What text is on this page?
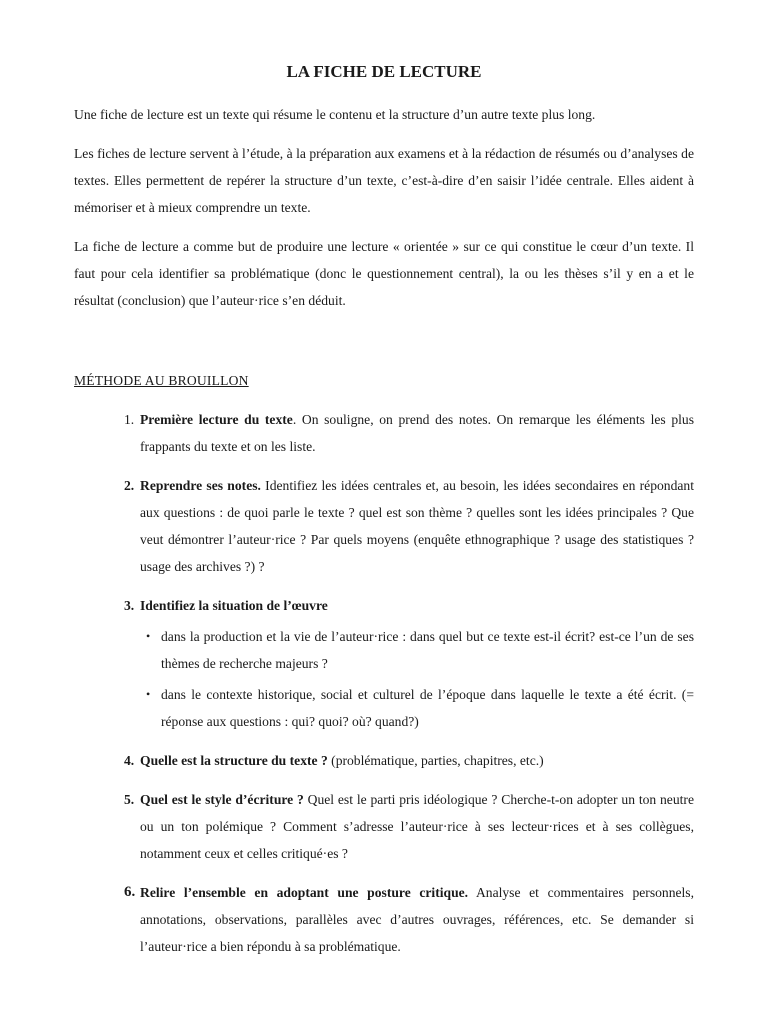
LA FICHE DE LECTURE

Une fiche de lecture est un texte qui résume le contenu et la structure d’un autre texte plus long.

Les fiches de lecture servent à l’étude, à la préparation aux examens et à la rédaction de résumés ou d’analyses de textes. Elles permettent de repérer la structure d’un texte, c’est-à-dire d’en saisir l’idée centrale. Elles aident à mémoriser et à mieux comprendre un texte.

La fiche de lecture a comme but de produire une lecture « orientée » sur ce qui constitue le cœur d’un texte. Il faut pour cela identifier sa problématique (donc le questionnement central), la ou les thèses s’il y en a et le résultat (conclusion) que l’auteur·rice s’en déduit.

MÉTHODE AU BROUILLON
1. Première lecture du texte. On souligne, on prend des notes. On remarque les éléments les plus frappants du texte et on les liste.
2. Reprendre ses notes. Identifiez les idées centrales et, au besoin, les idées secondaires en répondant aux questions : de quoi parle le texte ? quel est son thème ? quelles sont les idées principales ? Que veut démontrer l’auteur·rice ? Par quels moyens (enquête ethnographique ? usage des statistiques ? usage des archives ?) ?
3. Identifiez la situation de l’œuvre
• dans la production et la vie de l’auteur·rice : dans quel but ce texte est-il écrit? est-ce l’un de ses thèmes de recherche majeurs ?
• dans le contexte historique, social et culturel de l’époque dans laquelle le texte a été écrit. (= réponse aux questions : qui? quoi? où? quand?)
4. Quelle est la structure du texte ? (problématique, parties, chapitres, etc.)
5. Quel est le style d’écriture ? Quel est le parti pris idéologique ? Cherche-t-on adopter un ton neutre ou un ton polémique ? Comment s’adresse l’auteur·rice à ses lecteur·rices et à ses collègues, notamment ceux et celles critiqué·es ?
6. Relire l’ensemble en adoptant une posture critique. Analyse et commentaires personnels, annotations, observations, parallèles avec d’autres ouvrages, références, etc. Se demander si l’auteur·rice a bien répondu à sa problématique.
